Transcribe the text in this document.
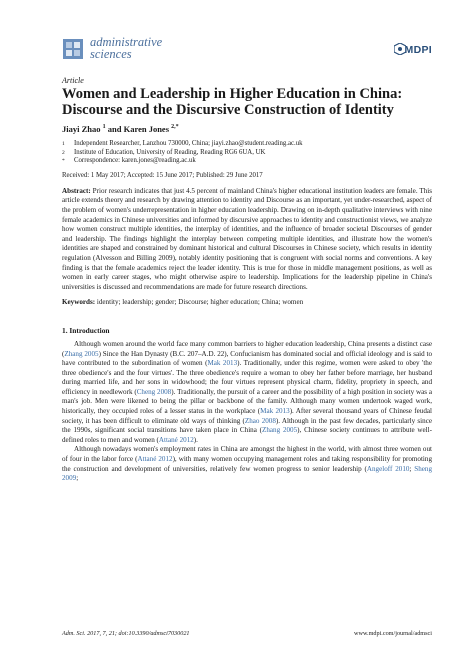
administrative
sciences	MDPI
Article
Women and Leadership in Higher Education in China: Discourse and the Discursive Construction of Identity
Jiayi Zhao $^1$ and Karen Jones $^{2,*}$
1	Independent Researcher, Lanzhou 730000, China; jiayi.zhao@student.reading.ac.uk
2	Institute of Education, University of Reading, Reading RG6 6UA, UK
*	Correspondence: karen.jones@reading.ac.uk
Received: 1 May 2017; Accepted: 15 June 2017; Published: 29 June 2017
Abstract: Prior research indicates that just 4.5 percent of mainland China's higher educational institution leaders are female. This article extends theory and research by drawing attention to identity and Discourse as an important, yet under-researched, aspect of the problem of women's underrepresentation in higher education leadership. Drawing on in-depth qualitative interviews with nine female academics in Chinese universities and informed by discursive approaches to identity and constructionist views, we analyze how women construct multiple identities, the interplay of identities, and the influence of broader societal Discourses of gender and leadership. The findings highlight the interplay between competing multiple identities, and illustrate how the women's identities are shaped and constrained by dominant historical and cultural Discourses in Chinese society, which results in identity regulation (Alvesson and Billing 2009), notably identity positioning that is congruent with social norms and conventions. A key finding is that the female academics reject the leader identity. This is true for those in middle management positions, as well as women in early career stages, who might otherwise aspire to leadership. Implications for the leadership pipeline in China's universities is discussed and recommendations are made for future research directions.
Keywords: identity; leadership; gender; Discourse; higher education; China; women
1. Introduction

Although women around the world face many common barriers to higher education leadership, China presents a distinct case (Zhang 2005) Since the Han Dynasty (B.C. 207–A.D. 22), Confucianism has dominated social and official ideology and is said to have contributed to the subordination of women (Mak 2013). Traditionally, under this regime, women were asked to obey 'the three obedience's and the four virtues'. The three obedience's require a woman to obey her father before marriage, her husband during married life, and her sons in widowhood; the four virtues represent physical charm, fidelity, propriety in speech, and efficiency in needlework (Cheng 2008). Traditionally, the pursuit of a career and the possibility of a high position in society was a man's job. Men were likened to being the pillar or backbone of the family. Although many women undertook waged work, historically, they occupied roles of a lesser status in the workplace (Mak 2013). After several thousand years of Chinese feudal society, it has been difficult to eliminate old ways of thinking (Zhao 2008). Although in the past few decades, particularly since the 1990s, significant social transitions have taken place in China (Zhang 2005), Chinese society continues to attribute well-defined roles to men and women (Attané 2012).

Although nowadays women's employment rates in China are amongst the highest in the world, with almost three women out of four in the labor force (Attané 2012), with many women occupying management roles and taking responsibility for promoting the construction and development of universities, relatively few women progress to senior leadership (Angeloff 2010; Sheng 2009;

Adm. Sci. 2017, 7, 21; doi:10.3390/admsci7030021	www.mdpi.com/journal/admsci
